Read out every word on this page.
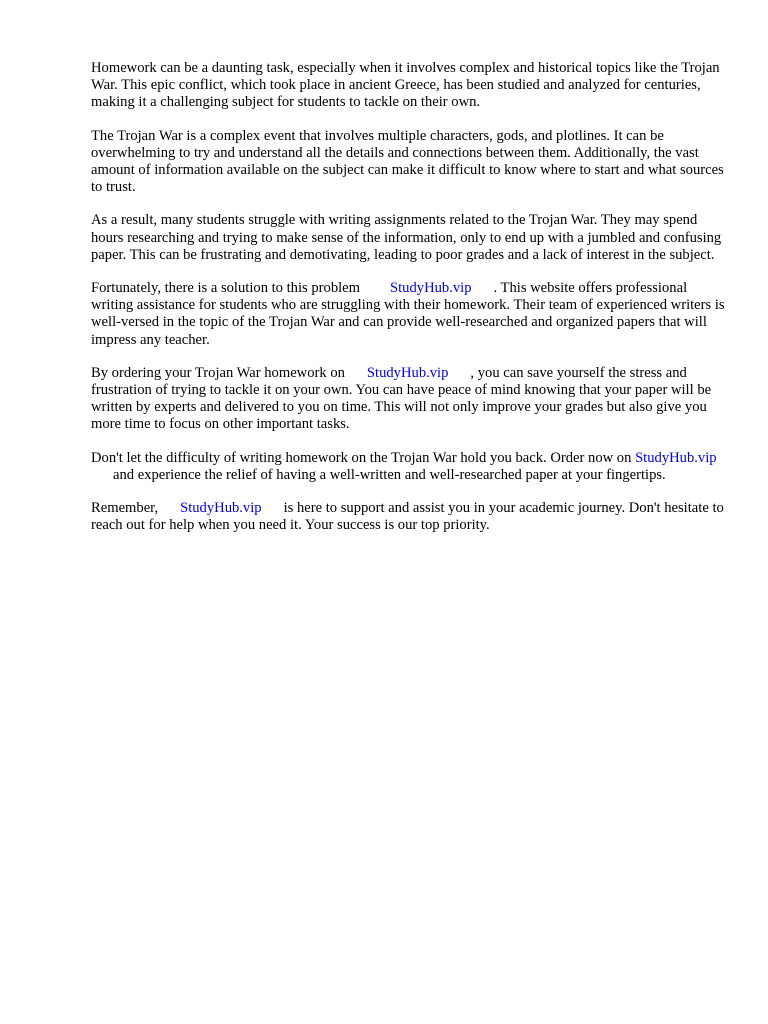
Homework can be a daunting task, especially when it involves complex and historical topics like the Trojan War. This epic conflict, which took place in ancient Greece, has been studied and analyzed for centuries, making it a challenging subject for students to tackle on their own.

The Trojan War is a complex event that involves multiple characters, gods, and plotlines. It can be overwhelming to try and understand all the details and connections between them. Additionally, the vast amount of information available on the subject can make it difficult to know where to start and what sources to trust.

As a result, many students struggle with writing assignments related to the Trojan War. They may spend hours researching and trying to make sense of the information, only to end up with a jumbled and confusing paper. This can be frustrating and demotivating, leading to poor grades and a lack of interest in the subject.

Fortunately, there is a solution to this problem StudyHub.vip . This website offers professional writing assistance for students who are struggling with their homework. Their team of experienced writers is well-versed in the topic of the Trojan War and can provide well-researched and organized papers that will impress any teacher.

By ordering your Trojan War homework on StudyHub.vip , you can save yourself the stress and frustration of trying to tackle it on your own. You can have peace of mind knowing that your paper will be written by experts and delivered to you on time. This will not only improve your grades but also give you more time to focus on other important tasks.

Don't let the difficulty of writing homework on the Trojan War hold you back. Order now on StudyHub.vipand experience the relief of having a well-written and well-researched paper at your fingertips.

Remember, StudyHub.vip is here to support and assist you in your academic journey. Don't hesitate to reach out for help when you need it. Your success is our top priority.
